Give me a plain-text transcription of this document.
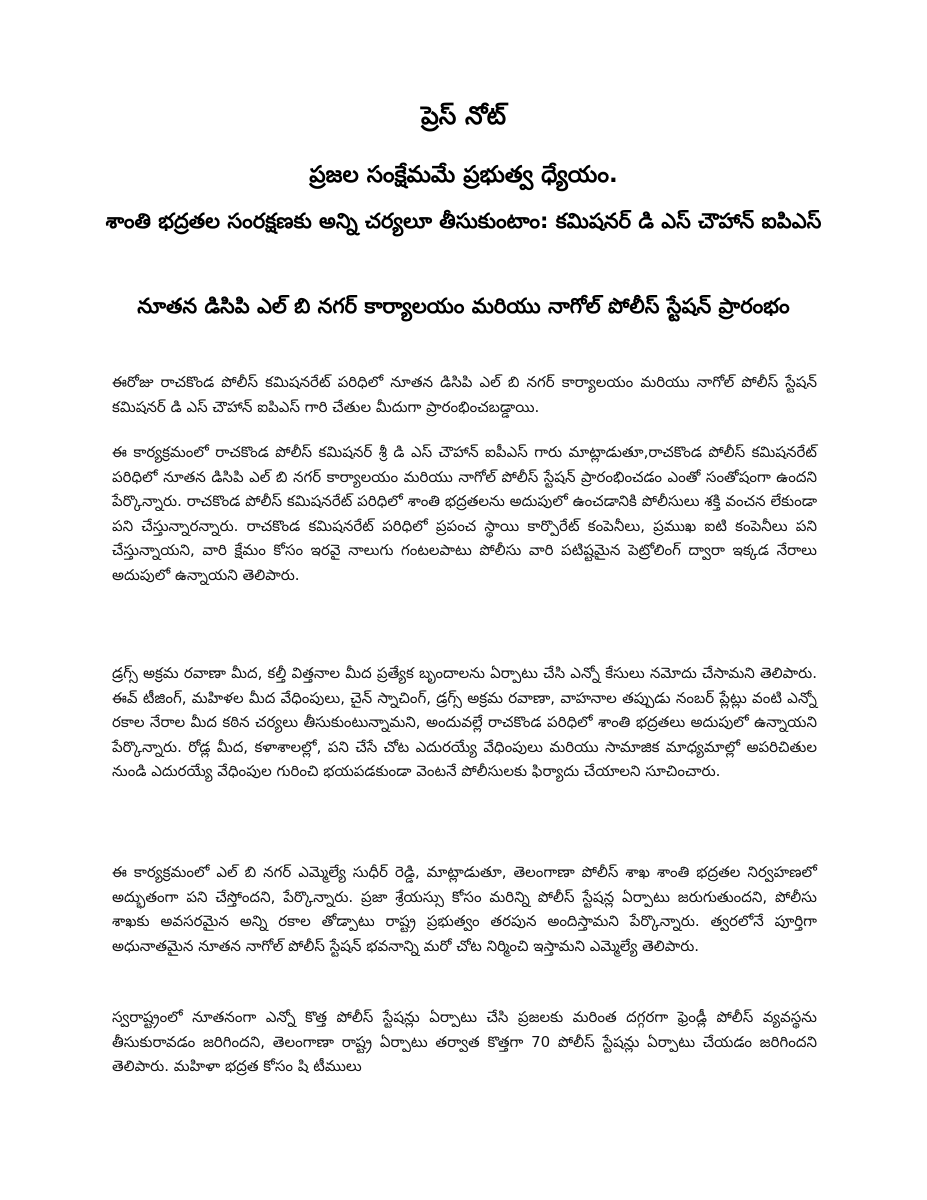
ప్రెస్ నోట్
ప్రజల సంక్షేమమే ప్రభుత్వ ధ్యేయం.
శాంతి భద్రతల సంరక్షణకు అన్ని చర్యలూ తీసుకుంటాం: కమిషనర్ డి ఎస్ చౌహాన్ ఐపిఎస్
నూతన డిసిపి ఎల్ బి నగర్ కార్యాలయం మరియు నాగోల్ పోలీస్ స్టేషన్ ప్రారంభం

ఈరోజు రాచకొండ పోలీస్ కమిషనరేట్ పరిధిలో నూతన డిసిపి ఎల్ బి నగర్ కార్యాలయం మరియు నాగోల్ పోలీస్ స్టేషన్ కమిషనర్ డి ఎస్ చౌహాన్ ఐపిఎస్ గారి చేతుల మీదుగా ప్రారంభించబడ్డాయి.

ఈ కార్యక్రమంలో రాచకొండ పోలీస్ కమిషనర్ శ్రీ డి ఎస్ చౌహాన్ ఐపీఎస్ గారు మాట్లాడుతూ,రాచకొండ పోలీస్ కమిషనరేట్ పరిధిలో నూతన డిసిపి ఎల్ బి నగర్ కార్యాలయం మరియు నాగోల్ పోలీస్ స్టేషన్ ప్రారంభించడం ఎంతో సంతోషంగా ఉందని పేర్కొన్నారు. రాచకొండ పోలీస్ కమిషనరేట్ పరిధిలో శాంతి భద్రతలను అదుపులో ఉంచడానికి పోలీసులు శక్తి వంచన లేకుండా పని చేస్తున్నారన్నారు. రాచకొండ కమిషనరేట్ పరిధిలో ప్రపంచ స్థాయి కార్పొరేట్ కంపెనీలు, ప్రముఖ ఐటి కంపెనీలు పని చేస్తున్నాయని, వారి క్షేమం కోసం ఇరవై నాలుగు గంటలపాటు పోలీసు వారి పటిష్టమైన పెట్రోలింగ్ ద్వారా ఇక్కడ నేరాలు అదుపులో ఉన్నాయని తెలిపారు.

డ్రగ్స్ అక్రమ రవాణా మీద, కల్తీ విత్తనాల మీద ప్రత్యేక బృందాలను ఏర్పాటు చేసి ఎన్నో కేసులు నమోదు చేసామని తెలిపారు. ఈవ్ టీజింగ్, మహిళల మీద వేధింపులు, చైన్ స్నాచింగ్, డ్రగ్స్ అక్రమ రవాణా, వాహనాల తప్పుడు నంబర్ ప్లేట్లు వంటి ఎన్నో రకాల నేరాల మీద కఠిన చర్యలు తీసుకుంటున్నామని, అందువల్లే రాచకొండ పరిధిలో శాంతి భద్రతలు అదుపులో ఉన్నాయని పేర్కొన్నారు. రోడ్ల మీద, కళాశాలల్లో, పని చేసే చోట ఎదురయ్యే వేధింపులు మరియు సామాజిక మాధ్యమాల్లో అపరిచితుల నుండి ఎదురయ్యే వేధింపుల గురించి భయపడకుండా వెంటనే పోలీసులకు ఫిర్యాదు చేయాలని సూచించారు.

ఈ కార్యక్రమంలో ఎల్ బి నగర్ ఎమ్మెల్యే సుధీర్ రెడ్డి, మాట్లాడుతూ, తెలంగాణా పోలీస్ శాఖ శాంతి భద్రతల నిర్వహణలో అద్భుతంగా పని చేస్తోందని, పేర్కొన్నారు. ప్రజా శ్రేయస్సు కోసం మరిన్ని పోలీస్ స్టేషన్ల ఏర్పాటు జరుగుతుందని, పోలీసు శాఖకు అవసరమైన అన్ని రకాల తోడ్పాటు రాష్ట్ర ప్రభుత్వం తరపున అందిస్తామని పేర్కొన్నారు. త్వరలోనే పూర్తిగా అధునాతమైన నూతన నాగోల్ పోలీస్ స్టేషన్ భవనాన్ని మరో చోట నిర్మించి ఇస్తామని ఎమ్మెల్యే తెలిపారు.

స్వరాష్ట్రంలో నూతనంగా ఎన్నో కొత్త పోలీస్ స్టేషన్లు ఏర్పాటు చేసి ప్రజలకు మరింత దగ్గరగా ఫ్రెండ్లీ పోలీస్ వ్యవస్థను తీసుకురావడం జరిగిందని, తెలంగాణా రాష్ట్ర ఏర్పాటు తర్వాత కొత్తగా 70 పోలీస్ స్టేషన్లు ఏర్పాటు చేయడం జరిగిందని తెలిపారు. మహిళా భద్రత కోసం షి టీములు
